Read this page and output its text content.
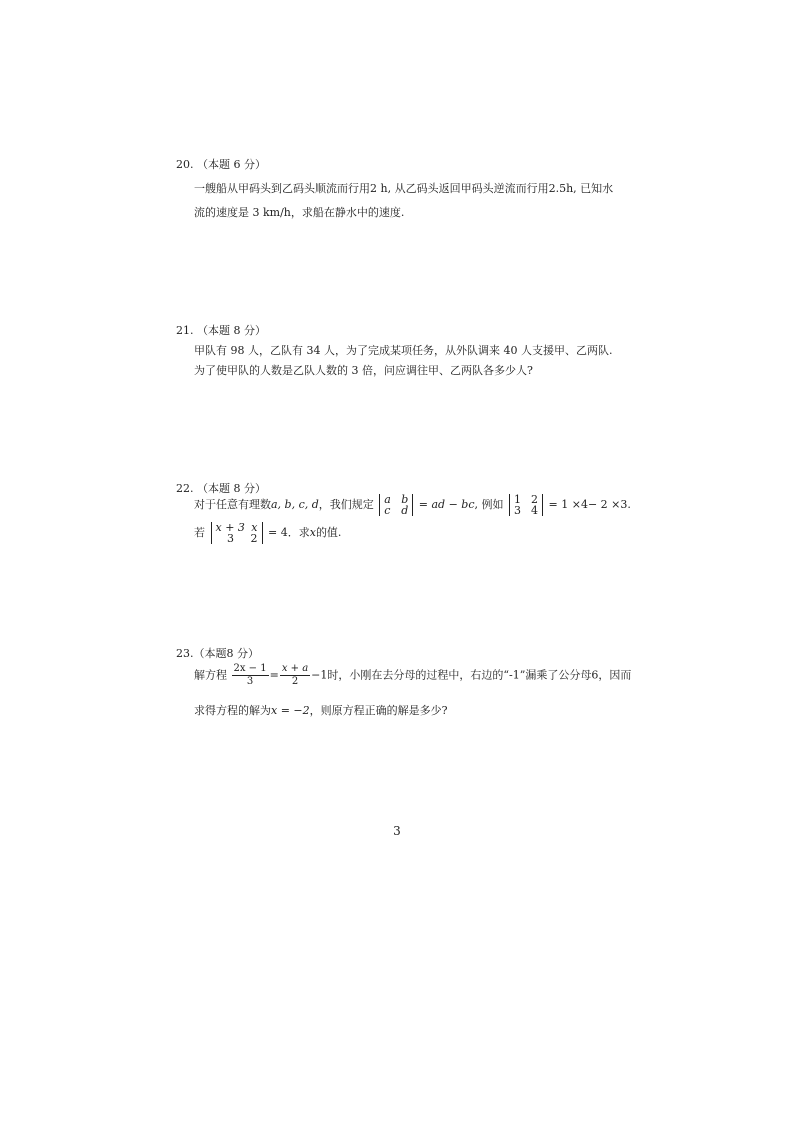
20. （本题 6 分）
一艘船从甲码头到乙码头顺流而行用2 h, 从乙码头返回甲码头逆流而行用2.5h, 已知水
流的速度是 3 km/h，求船在静水中的速度.
21. （本题 8 分）
甲队有 98 人，乙队有 34 人，为了完成某项任务，从外队调来 40 人支援甲、乙两队.
为了使甲队的人数是乙队人数的 3 倍，问应调往甲、乙两队各多少人?
22. （本题 8 分）
对于任意有理数a, b, c, d，我们规定 a b
c d = ad − bc, 例如 1 2
3 4 = 1 ×4− 2 ×3.
若 x + 3 x
3 2 = 4．求x的值.
23.（本题8 分）
解方程 $\frac{2x - 1}{3} = \frac{x + a}{2} -1$时，小刚在去分母的过程中，右边的“-1”漏乘了公分母6，因而
求得方程的解为x = −2，则原方程正确的解是多少?
3
